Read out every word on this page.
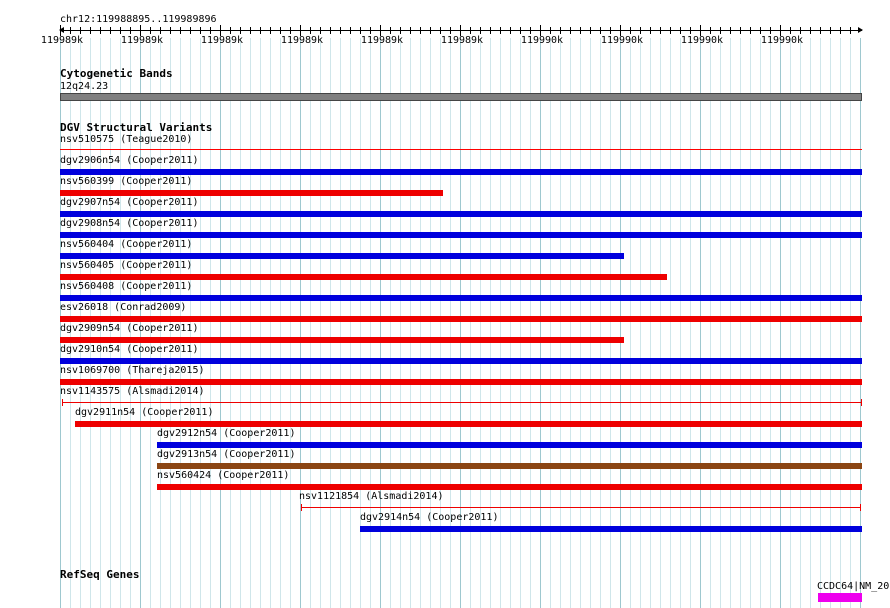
chr12:119988895..119989896
119989k	119989k	119989k	119989k	119989k	119989k	119990k	119990k	119990k	119990k
Cytogenetic Bands
12q24.23
DGV Structural Variants
nsv510575 (Teague2010)
dgv2906n54 (Cooper2011)
nsv560399 (Cooper2011)
dgv2907n54 (Cooper2011)
dgv2908n54 (Cooper2011)
nsv560404 (Cooper2011)
nsv560405 (Cooper2011)
nsv560408 (Cooper2011)
esv26018 (Conrad2009)
dgv2909n54 (Cooper2011)
dgv2910n54 (Cooper2011)
nsv1069700 (Thareja2015)
nsv1143575 (Alsmadi2014)
dgv2911n54 (Cooper2011)
dgv2912n54 (Cooper2011)
dgv2913n54 (Cooper2011)
nsv560424 (Cooper2011)
nsv1121854 (Alsmadi2014)
dgv2914n54 (Cooper2011)
RefSeq Genes
CCDC64|NM_20
